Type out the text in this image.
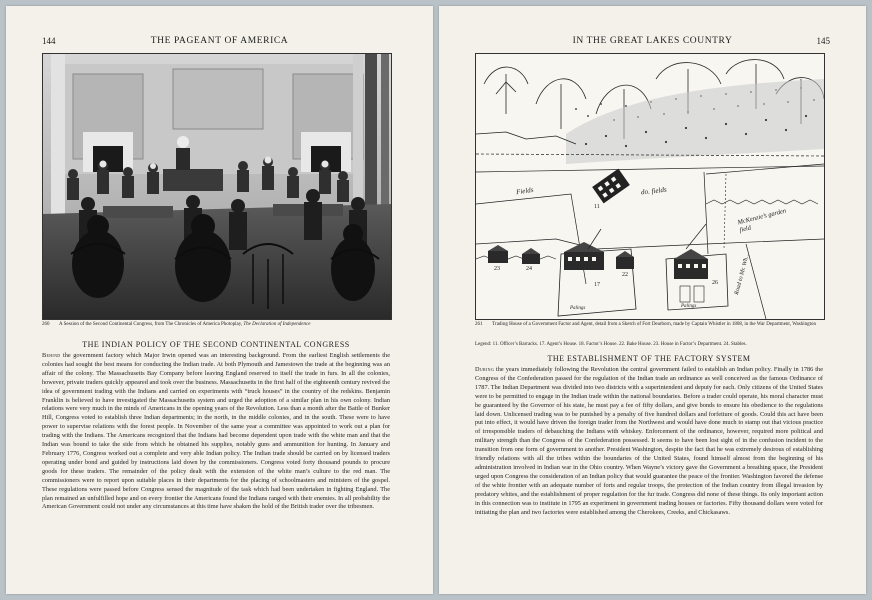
144	THE PAGEANT OF AMERICA
260 A Session of the Second Continental Congress, from The Chronicles of America Photoplay, The Declaration of Independence
THE INDIAN POLICY OF THE SECOND CONTINENTAL CONGRESS

Behind the government factory which Major Irwin opened was an interesting background. From the earliest English settlements the colonies had sought the best means for conducting the Indian trade. At both Plymouth and Jamestown the trade at the beginning was an affair of the colony. The Massachusetts Bay Company before leaving England reserved to itself the trade in furs. In all the colonies, however, private traders quickly appeared and took over the business. Massachusetts in the first half of the eighteenth century revived the idea of government trading with the Indians and carried on experiments with “truck houses” in the country of the redskins. Benjamin Franklin is believed to have investigated the Massachusetts system and urged the adoption of a similar plan in his own colony. Indian relations were very much in the minds of Americans in the opening years of the Revolution. Less than a month after the Battle of Bunker Hill, Congress voted to establish three Indian departments; in the north, in the middle colonies, and in the south. These were to have power to supervise relations with the forest people. In November of the same year a committee was appointed to work out a plan for trading with the Indians. The Americans recognized that the Indians had become dependent upon trade with the white man and that the Indian was bound to take the side from which he obtained his supplies, notably guns and ammunition for hunting. In January and February 1776, Congress worked out a complete and very able Indian policy. The Indian trade should be carried on by licensed traders operating under bond and guided by instructions laid down by the commissioners. Congress voted forty thousand pounds to procure goods for these traders. The remainder of the policy dealt with the extension of the white man’s culture to the red man. The commissioners were to report upon suitable places in their departments for the placing of schoolmasters and ministers of the gospel. These regulations were passed before Congress sensed the magnitude of the task which had been undertaken in fighting England. The plan remained an unfulfilled hope and on every frontier the Americans found the Indians ranged with their enemies. In all probability the American Government could not under any circumstances at this time have shaken the hold of the British trader over the tribesmen.

IN THE GREAT LAKES COUNTRY	145
Fields	do. fields
McKenzie’s garden field
Road to Mr. Wh…
Palings	Palings
11
17
22
23	24
26
261 Trading House of a Government Factor and Agent, detail from a Sketch of Fort Dearborn, made by Captain Whistler in 1808, in the War Department, Washington
Legend: 11. Officer’s Barracks. 17. Agent’s House. 18. Factor’s House. 22. Bake House. 23. House in Factor’s Department. 24. Stables.
THE ESTABLISHMENT OF THE FACTORY SYSTEM

During the years immediately following the Revolution the central government failed to establish an Indian policy. Finally in 1786 the Congress of the Confederation passed for the regulation of the Indian trade an ordinance as well conceived as the famous Ordinance of 1787. The Indian Department was divided into two districts with a superintendent and deputy for each. Only citizens of the United States were to be permitted to engage in the Indian trade within the national boundaries. Before a trader could operate, his moral character must be guaranteed by the Governor of his state, he must pay a fee of fifty dollars, and give bonds to ensure his obedience to the regulations laid down. Unlicensed trading was to be punished by a penalty of five hundred dollars and forfeiture of goods. Could this act have been put into effect, it would have driven the foreign trader from the Northwest and would have done much to stamp out that vicious practice of irresponsible traders of debauching the Indians with whiskey. Enforcement of the ordinance, however, required more political and military strength than the Congress of the Confederation possessed. It seems to have been lost sight of in the confusion incident to the transition from one form of government to another. President Washington, despite the fact that he was extremely desirous of establishing friendly relations with all the tribes within the boundaries of the United States, found himself almost from the beginning of his administration involved in Indian war in the Ohio country. When Wayne’s victory gave the Government a breathing space, the President urged upon Congress the consideration of an Indian policy that would guarantee the peace of the frontier. Washington favored the defense of the white frontier with an adequate number of forts and regular troops, the protection of the Indian country from illegal invasion by predatory whites, and the establishment of proper regulation for the fur trade. Congress did none of these things. Its only important action in this connection was to institute in 1795 an experiment in government trading houses or factories. Fifty thousand dollars were voted for initiating the plan and two factories were established among the Cherokees, Creeks, and Chickasaws.
